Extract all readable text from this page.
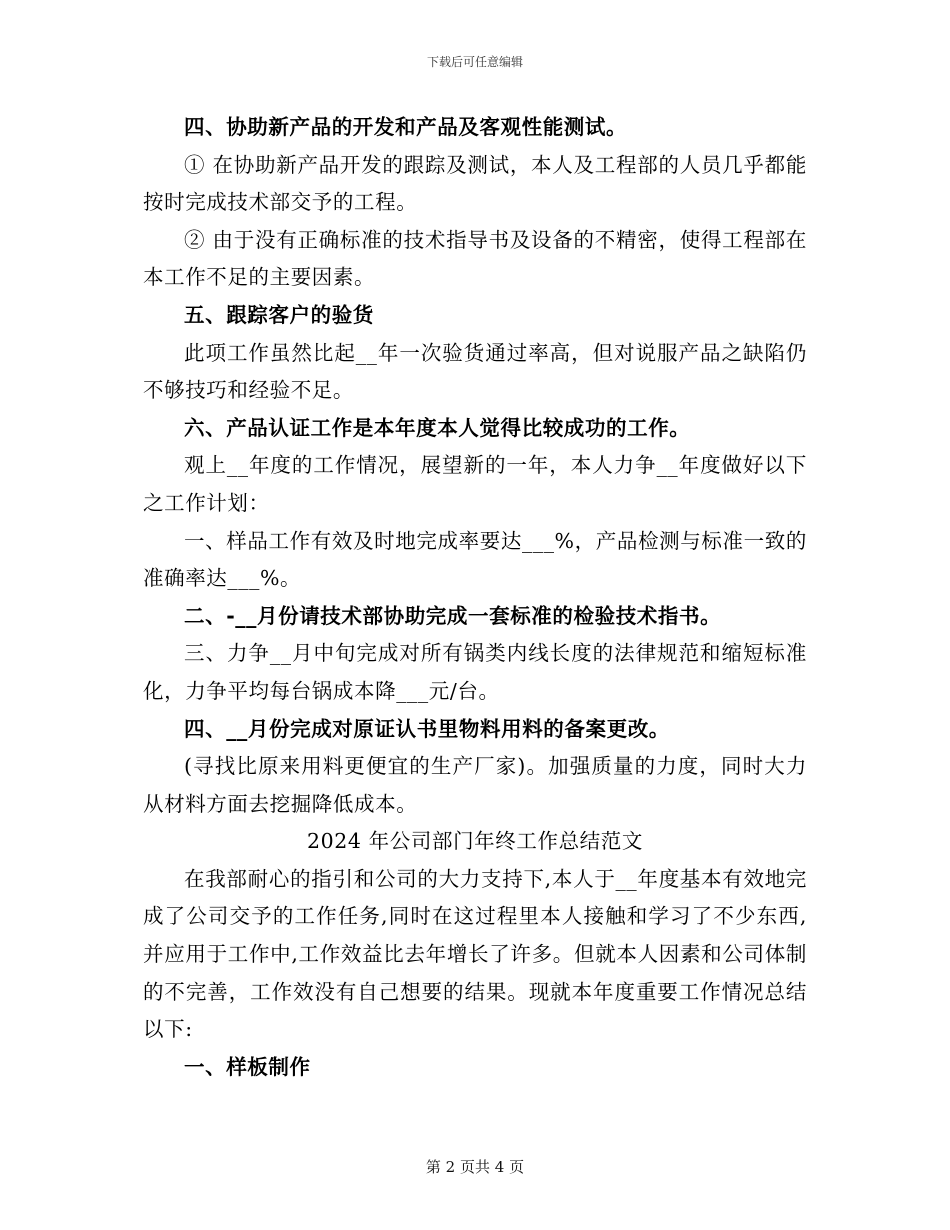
下载后可任意编辑

四、协助新产品的开发和产品及客观性能测试。

① 在协助新产品开发的跟踪及测试，本人及工程部的人员几乎都能按时完成技术部交予的工程。

② 由于没有正确标准的技术指导书及设备的不精密，使得工程部在本工作不足的主要因素。

五、跟踪客户的验货

此项工作虽然比起__年一次验货通过率高，但对说服产品之缺陷仍不够技巧和经验不足。

六、产品认证工作是本年度本人觉得比较成功的工作。

观上__年度的工作情况，展望新的一年，本人力争__年度做好以下之工作计划：

一、样品工作有效及时地完成率要达___%，产品检测与标准一致的准确率达___%。

二、-__月份请技术部协助完成一套标准的检验技术指书。

三、力争__月中旬完成对所有锅类内线长度的法律规范和缩短标准化，力争平均每台锅成本降___元/台。

四、__月份完成对原证认书里物料用料的备案更改。

(寻找比原来用料更便宜的生产厂家)。加强质量的力度，同时大力从材料方面去挖掘降低成本。

2024 年公司部门年终工作总结范文

在我部耐心的指引和公司的大力支持下,本人于__年度基本有效地完成了公司交予的工作任务,同时在这过程里本人接触和学习了不少东西,并应用于工作中,工作效益比去年增长了许多。但就本人因素和公司体制的不完善，工作效没有自己想要的结果。现就本年度重要工作情况总结以下:

一、样板制作

第 2 页共 4 页
